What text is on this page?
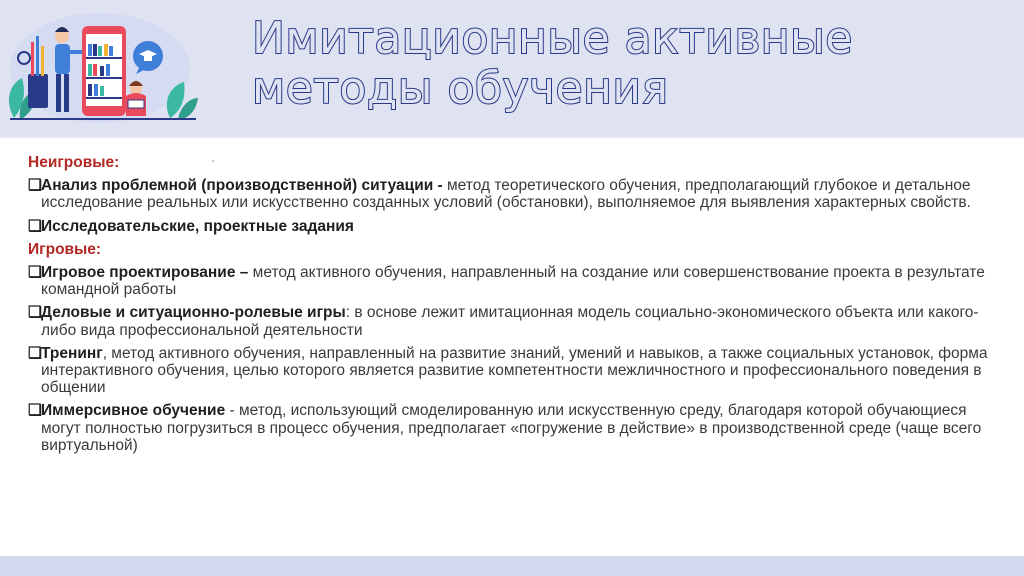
Имитационные активные
методы обучения
Неигровые:
❑ Анализ проблемной (производственной) ситуации - метод теоретического обучения, предполагающий глубокое и детальное исследование реальных или искусственно созданных условий (обстановки), выполняемое для выявления характерных свойств.
❑ Исследовательские, проектные задания
Игровые:
❑ Игровое проектирование – метод активного обучения, направленный на создание или совершенствование проекта в результате командной работы
❑ Деловые и ситуационно-ролевые игры: в основе лежит имитационная модель социально-экономического объекта или какого-либо вида профессиональной деятельности
❑ Тренинг, метод активного обучения, направленный на развитие знаний, умений и навыков, а также социальных установок, форма интерактивного обучения, целью которого является развитие компетентности межличностного и профессионального поведения в общении
❑ Иммерсивное обучение - метод, использующий смоделированную или искусственную среду, благодаря которой обучающиеся могут полностью погрузиться в процесс обучения, предполагает «погружение в действие» в производственной среде (чаще всего виртуальной)
